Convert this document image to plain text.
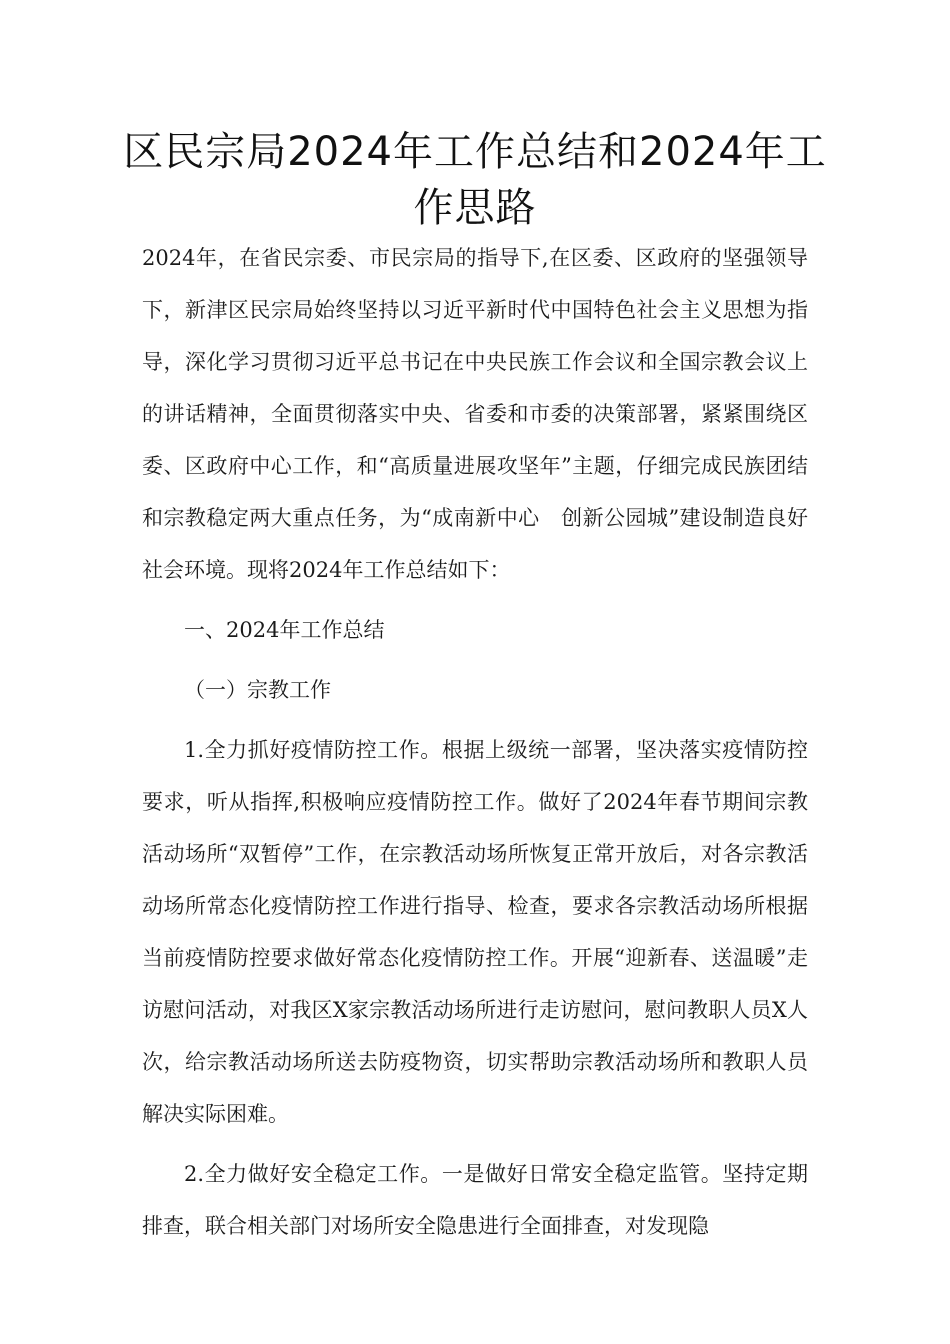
区民宗局2024年工作总结和2024年工作思路

2024年，在省民宗委、市民宗局的指导下,在区委、区政府的坚强领导下，新津区民宗局始终坚持以习近平新时代中国特色社会主义思想为指导，深化学习贯彻习近平总书记在中央民族工作会议和全国宗教会议上的讲话精神，全面贯彻落实中央、省委和市委的决策部署，紧紧围绕区委、区政府中心工作，和“高质量进展攻坚年”主题，仔细完成民族团结和宗教稳定两大重点任务，为“成南新中心　创新公园城”建设制造良好社会环境。现将2024年工作总结如下：

一、2024年工作总结

（一）宗教工作

1.全力抓好疫情防控工作。根据上级统一部署，坚决落实疫情防控要求，听从指挥,积极响应疫情防控工作。做好了2024年春节期间宗教活动场所“双暂停”工作，在宗教活动场所恢复正常开放后，对各宗教活动场所常态化疫情防控工作进行指导、检查，要求各宗教活动场所根据当前疫情防控要求做好常态化疫情防控工作。开展“迎新春、送温暖”走访慰问活动，对我区X家宗教活动场所进行走访慰问，慰问教职人员X人次，给宗教活动场所送去防疫物资，切实帮助宗教活动场所和教职人员解决实际困难。

2.全力做好安全稳定工作。一是做好日常安全稳定监管。坚持定期排查，联合相关部门对场所安全隐患进行全面排查，对发现隐
